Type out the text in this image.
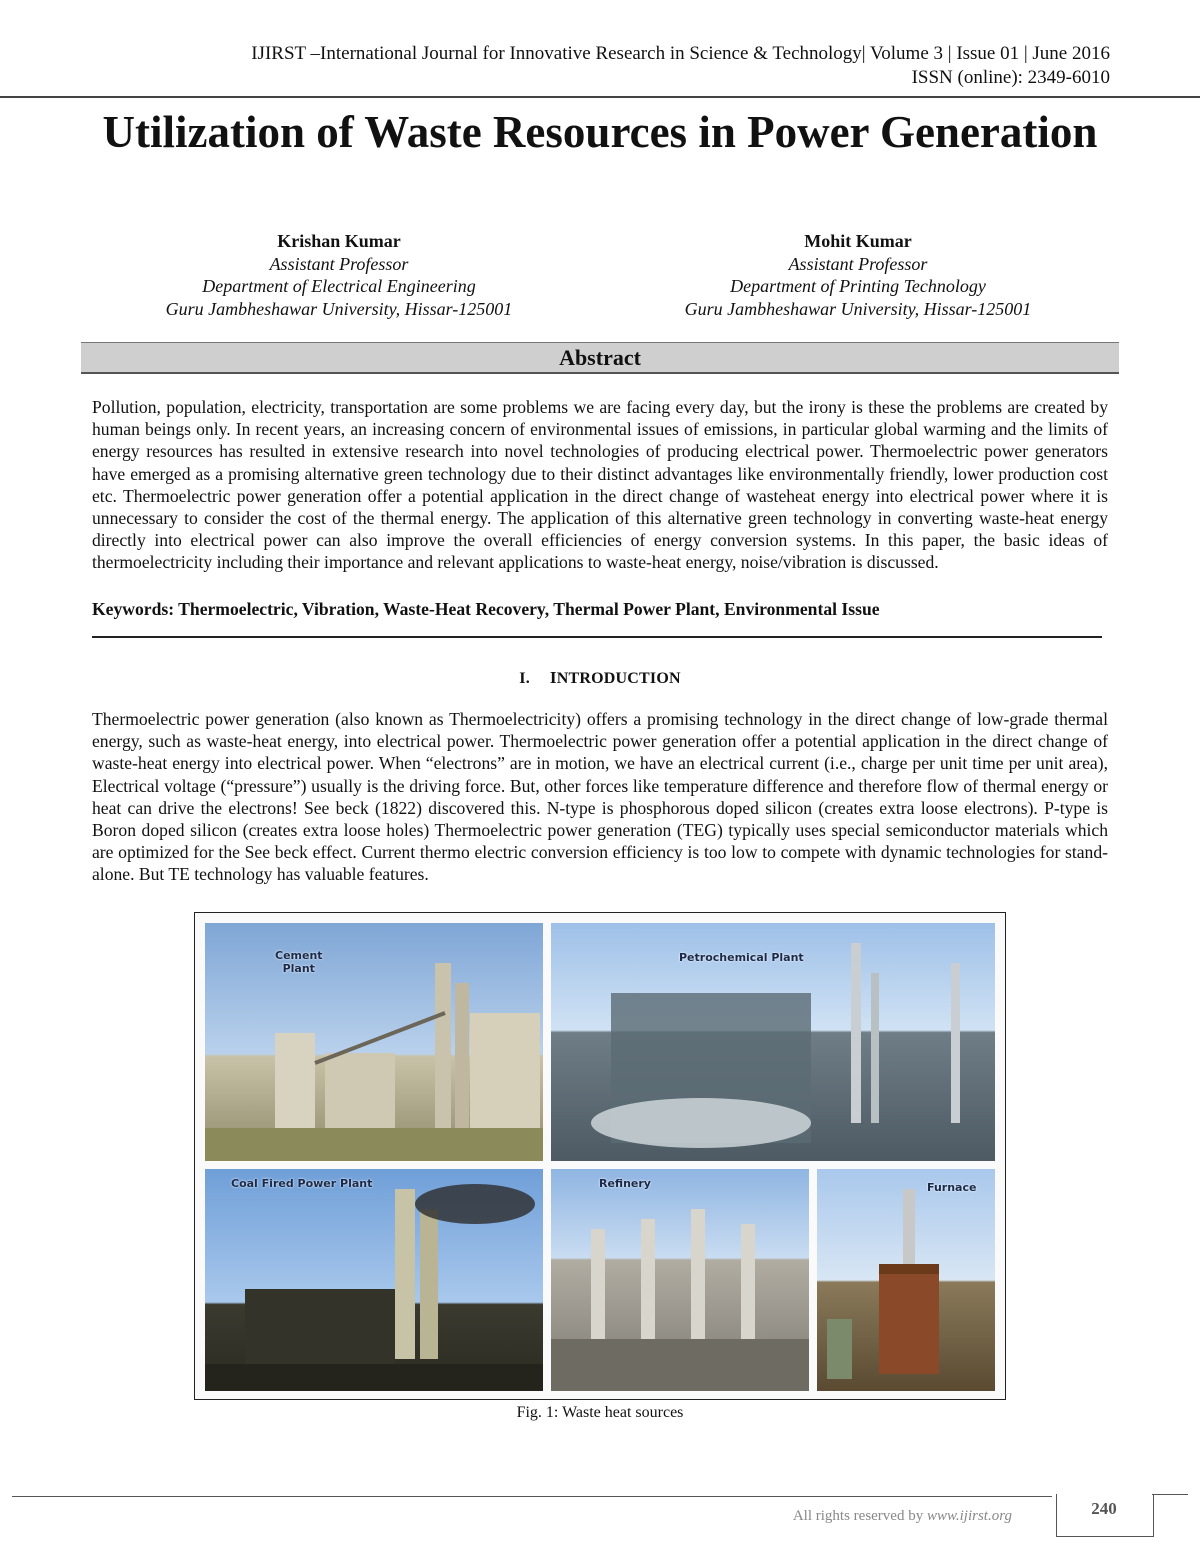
IJIRST –International Journal for Innovative Research in Science & Technology| Volume 3 | Issue 01 | June 2016
ISSN (online): 2349-6010
Utilization of Waste Resources in Power Generation
Krishan Kumar
Assistant Professor
Department of Electrical Engineering
Guru Jambheshawar University, Hissar-125001
Mohit Kumar
Assistant Professor
Department of Printing Technology
Guru Jambheshawar University, Hissar-125001
Abstract
Pollution, population, electricity, transportation are some problems we are facing every day, but the irony is these the problems are created by human beings only. In recent years, an increasing concern of environmental issues of emissions, in particular global warming and the limits of energy resources has resulted in extensive research into novel technologies of producing electrical power. Thermoelectric power generators have emerged as a promising alternative green technology due to their distinct advantages like environmentally friendly, lower production cost etc. Thermoelectric power generation offer a potential application in the direct change of wasteheat energy into electrical power where it is unnecessary to consider the cost of the thermal energy. The application of this alternative green technology in converting waste-heat energy directly into electrical power can also improve the overall efficiencies of energy conversion systems. In this paper, the basic ideas of thermoelectricity including their importance and relevant applications to waste-heat energy, noise/vibration is discussed.
Keywords: Thermoelectric, Vibration, Waste-Heat Recovery, Thermal Power Plant, Environmental Issue
I. INTRODUCTION
Thermoelectric power generation (also known as Thermoelectricity) offers a promising technology in the direct change of low-grade thermal energy, such as waste-heat energy, into electrical power. Thermoelectric power generation offer a potential application in the direct change of waste-heat energy into electrical power. When “electrons” are in motion, we have an electrical current (i.e., charge per unit time per unit area), Electrical voltage (“pressure”) usually is the driving force. But, other forces like temperature difference and therefore flow of thermal energy or heat can drive the electrons! See beck (1822) discovered this. N-type is phosphorous doped silicon (creates extra loose electrons). P-type is Boron doped silicon (creates extra loose holes) Thermoelectric power generation (TEG) typically uses special semiconductor materials which are optimized for the See beck effect. Current thermo electric conversion efficiency is too low to compete with dynamic technologies for stand-alone. But TE technology has valuable features.
Cement
Plant
Petrochemical Plant
Coal Fired Power Plant	Refinery	Furnace
Fig. 1: Waste heat sources
All rights reserved by www.ijirst.org	240
